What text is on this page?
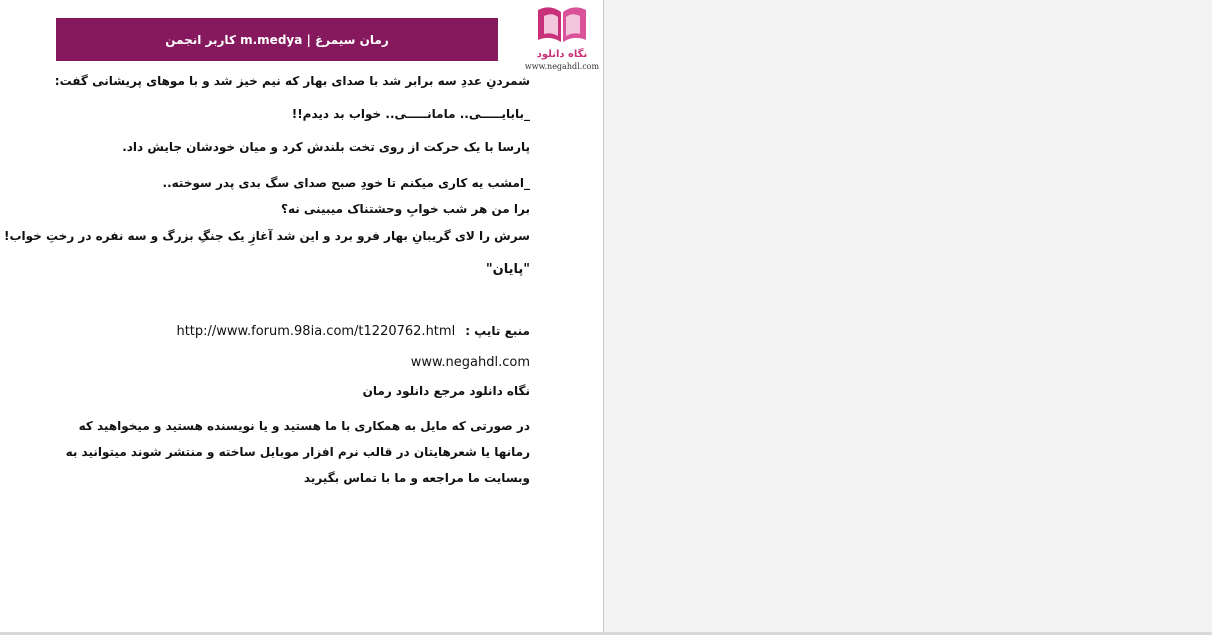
رمان سیمرغ | m.medya کاربر انجمن
نگاه دانلود
www.negahdl.com
شمردنِ عددِ سه برابر شد با صدای بهار که نیم خیز شد و با موهای پریشانی گفت:
_بابایـــــی.. مامانـــــی.. خواب بد دیدم!!
پارسا با یک حرکت از روی تخت بلندش کرد و میان خودشان جایش داد.
_امشب یه کاری میکنم تا خودِ صبح صدای سگ بدی پدر سوخته.. برا من هر شب خوابِ وحشتناک میبینی نه؟
سرش را لای گریبانِ بهار فرو برد و این شد آغازِ یک جنگِ بزرگ و سه نفره در رختِ خواب!
"پایان"
منبع تایپ :http://www.forum.98ia.com/t1220762.html
www.negahdl.com
نگاه دانلود مرجع دانلود رمان
در صورتی که مایل به همکاری با ما هستید و یا نویسنده هستید و میخواهید که رمانها یا شعرهایتان در قالب نرم افزار موبایل ساخته و منتشر شوند میتوانید به وبسایت ما مراجعه و ما با تماس بگیرید
